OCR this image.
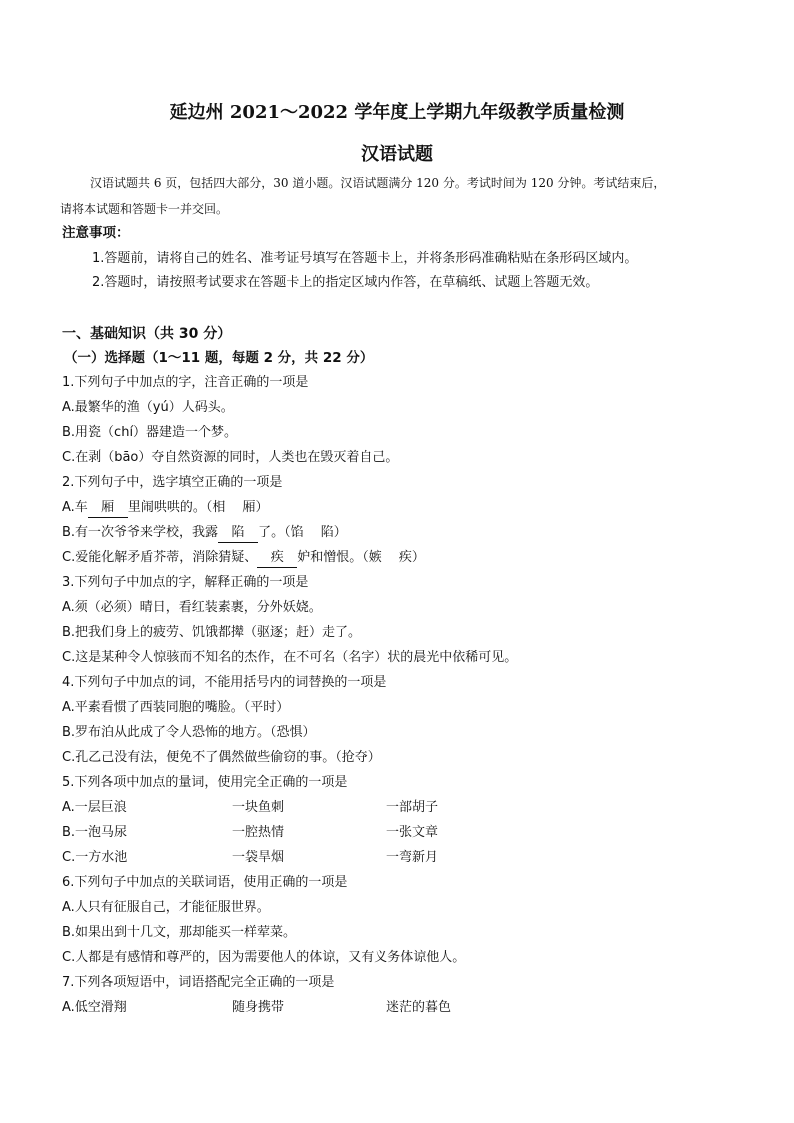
延边州 2021～2022 学年度上学期九年级教学质量检测
汉语试题
汉语试题共 6 页，包括四大部分，30 道小题。汉语试题满分 120 分。考试时间为 120 分钟。考试结束后，
请将本试题和答题卡一并交回。
注意事项：
1.答题前，请将自己的姓名、准考证号填写在答题卡上，并将条形码准确粘贴在条形码区域内。
2.答题时，请按照考试要求在答题卡上的指定区域内作答，在草稿纸、试题上答题无效。
一、基础知识（共 30 分）
（一）选择题（1～11 题，每题 2 分，共 22 分）
1.下列句子中加点的字，注音正确的一项是
A.最繁华的渔（yú）人码头。
B.用瓷（chí）器建造一个梦。
C.在剥（bāo）夺自然资源的同时，人类也在毁灭着自己。
2.下列句子中，选字填空正确的一项是
A.车 厢 里闹哄哄的。（相　 厢）
B.有一次爷爷来学校，我露 陷 了。（馅　 陷）
C.爱能化解矛盾芥蒂，消除猜疑、 疾 妒和憎恨。（嫉　 疾）
3.下列句子中加点的字，解释正确的一项是
A.须（必须）晴日，看红装素裹，分外妖娆。
B.把我们身上的疲劳、饥饿都撵（驱逐；赶）走了。
C.这是某种令人惊骇而不知名的杰作，在不可名（名字）状的晨光中依稀可见。
4.下列句子中加点的词，不能用括号内的词替换的一项是
A.平素看惯了西装同胞的嘴脸。（平时）
B.罗布泊从此成了令人恐怖的地方。（恐惧）
C.孔乙己没有法，便免不了偶然做些偷窃的事。（抢夺）
5.下列各项中加点的量词，使用完全正确的一项是
A.一层巨浪	一块鱼刺	一部胡子
B.一泡马尿	一腔热情	一张文章
C.一方水池	一袋旱烟	一弯新月
6.下列句子中加点的关联词语，使用正确的一项是
A.人只有征服自己，才能征服世界。
B.如果出到十几文，那却能买一样荤菜。
C.人都是有感情和尊严的，因为需要他人的体谅，又有义务体谅他人。
7.下列各项短语中，词语搭配完全正确的一项是
A.低空滑翔	随身携带	迷茫的暮色
